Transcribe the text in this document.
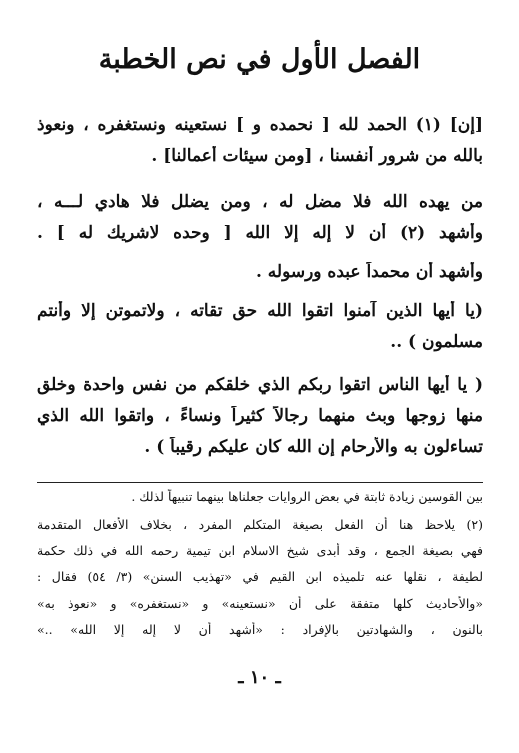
الفصل الأول في نص الخطبة
[إن] (١) الحمد لله [ نحمده و ] نستعينه ونستغفره ، ونعوذ
بالله من شرور أنفسنا ، [ومن سيئات أعمالنا] .
من يهده الله فلا مضل له ، ومن يضلل فلا هادي لـــه ،
وأشهد (٢) أن لا إله إلا الله [ وحده لاشريك له ] .
وأشهد أن محمداً عبده ورسوله .
(يا أيها الذين آمنوا اتقوا الله حق تقاته ، ولاتموتن إلا وأنتم
مسلمون ) ..
( يا أيها الناس اتقوا ربكم الذي خلقكم من نفس واحدة وخلق
منها زوجها وبث منهما رجالاً كثيراً ونساءً ، واتقوا الله الذي
تساءلون به والأرحام إن الله كان عليكم رقيباً ) .
بين القوسين زيادة ثابتة في بعض الروايات جعلناها بينهما تنبيهاً لذلك .
(٢) يلاحظ هنا أن الفعل بصيغة المتكلم المفرد ، بخلاف الأفعال المتقدمة
فهي بصيغة الجمع ، وقد أبدى شيخ الاسلام ابن تيمية رحمه الله في ذلك حكمة
لطيفة ، نقلها عنه تلميذه ابن القيم في «تهذيب السنن» (٣/ ٥٤) فقال :
«والأحاديث كلها متفقة على أن «نستعينه» و «نستغفره» و «نعوذ به»
بالنون ، والشهادتين بالإفراد : «أشهد أن لا إله إلا الله» ..»
ـ ١٠ ـ
